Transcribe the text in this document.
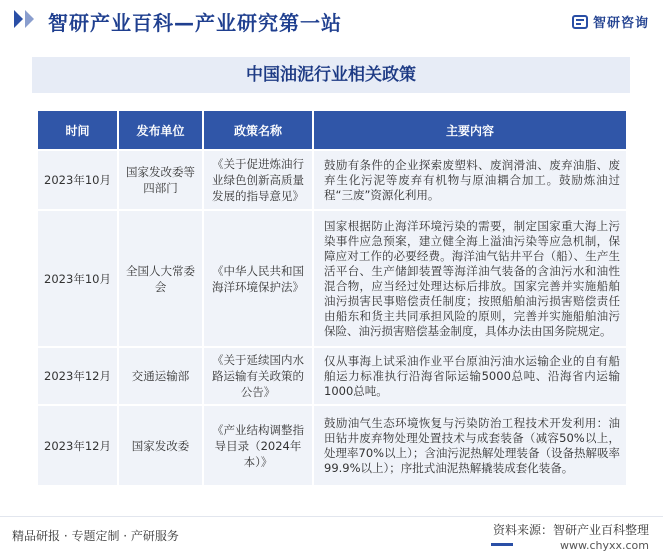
智研产业百科—产业研究第一站	智研咨询
中国油泥行业相关政策
时间	发布单位	政策名称	主要内容
2023年10月	国家发改委等四部门	《关于促进炼油行业绿色创新高质量发展的指导意见》	鼓励有条件的企业探索废塑料、废润滑油、废弃油脂、废弃生化污泥等废弃有机物与原油耦合加工。鼓励炼油过程“三废”资源化利用。
2023年10月	全国人大常委会	《中华人民共和国海洋环境保护法》	国家根据防止海洋环境污染的需要，制定国家重大海上污染事件应急预案，建立健全海上溢油污染等应急机制，保障应对工作的必要经费。海洋油气钻井平台（船）、生产生活平台、生产储卸装置等海洋油气装备的含油污水和油性混合物，应当经过处理达标后排放。国家完善并实施船舶油污损害民事赔偿责任制度；按照船舶油污损害赔偿责任由船东和货主共同承担风险的原则，完善并实施船舶油污保险、油污损害赔偿基金制度，具体办法由国务院规定。
2023年12月	交通运输部	《关于延续国内水路运输有关政策的公告》	仅从事海上试采油作业平台原油污油水运输企业的自有船舶运力标准执行沿海省际运输5000总吨、沿海省内运输1000总吨。
2023年12月	国家发改委	《产业结构调整指导目录（2024年本）》	鼓励油气生态环境恢复与污染防治工程技术开发利用：油田钻井废弃物处理处置技术与成套装备（减容50%以上，处理率70%以上）；含油污泥热解处理装备（设备热解吸率99.9%以上）；序批式油泥热解撬装成套化装备。
精品研报 · 专题定制 · 产研服务	资料来源：智研产业百科整理
www.chyxx.com
